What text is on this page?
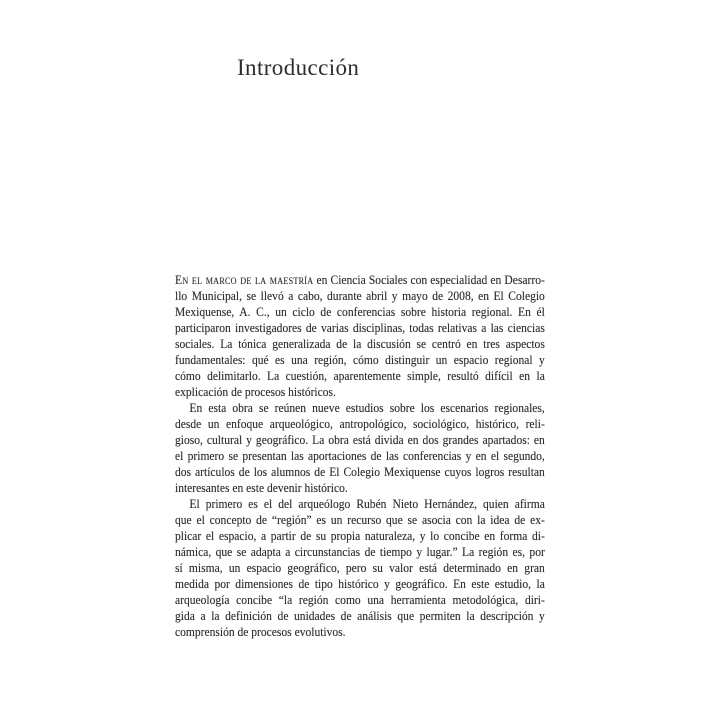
Introducción
En el marco de la maestría en Ciencia Sociales con especialidad en Desarro-
llo Municipal, se llevó a cabo, durante abril y mayo de 2008, en El Colegio
Mexiquense, A. C., un ciclo de conferencias sobre historia regional. En él
participaron investigadores de varias disciplinas, todas relativas a las ciencias
sociales. La tónica generalizada de la discusión se centró en tres aspectos
fundamentales: qué es una región, cómo distinguir un espacio regional y
cómo delimitarlo. La cuestión, aparentemente simple, resultó difícil en la
explicación de procesos históricos.
En esta obra se reúnen nueve estudios sobre los escenarios regionales,
desde un enfoque arqueológico, antropológico, sociológico, histórico, reli-
gioso, cultural y geográfico. La obra está divida en dos grandes apartados: en
el primero se presentan las aportaciones de las conferencias y en el segundo,
dos artículos de los alumnos de El Colegio Mexiquense cuyos logros resultan
interesantes en este devenir histórico.
El primero es el del arqueólogo Rubén Nieto Hernández, quien afirma
que el concepto de “región” es un recurso que se asocia con la idea de ex-
plicar el espacio, a partir de su propia naturaleza, y lo concibe en forma di-
námica, que se adapta a circunstancias de tiempo y lugar.” La región es, por
sí misma, un espacio geográfico, pero su valor está determinado en gran
medida por dimensiones de tipo histórico y geográfico. En este estudio, la
arqueología concibe “la región como una herramienta metodológica, diri-
gida a la definición de unidades de análisis que permiten la descripción y
comprensión de procesos evolutivos.
